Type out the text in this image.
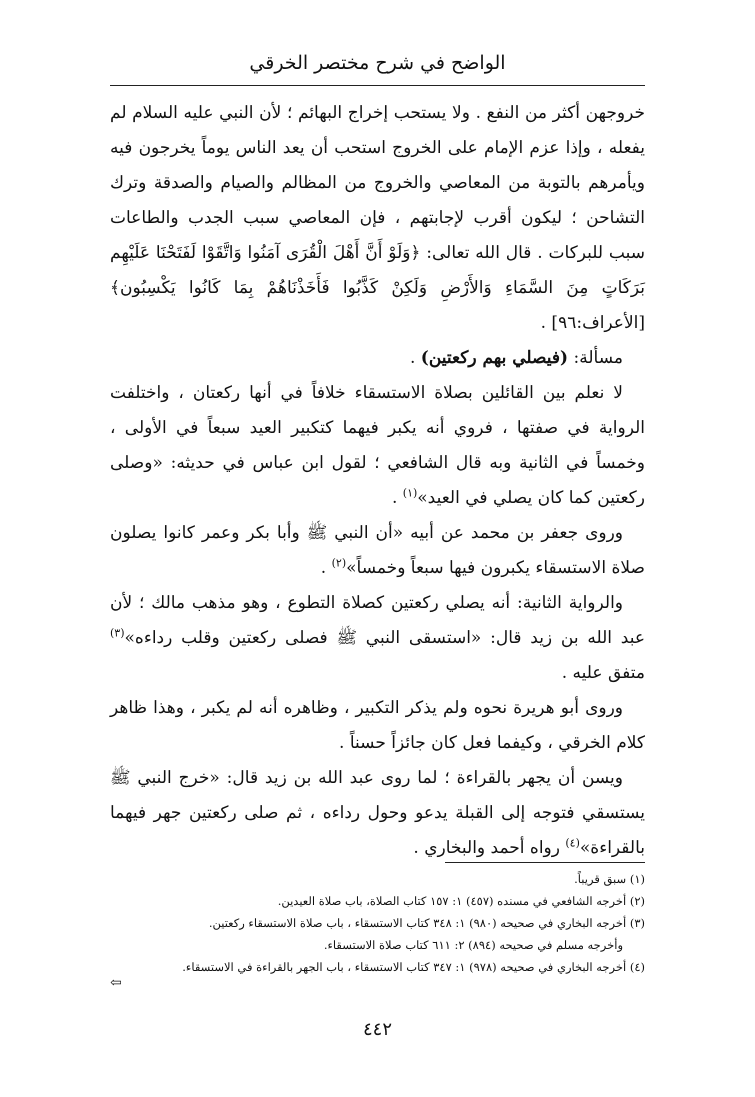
الواضح في شرح مختصر الخرقي

خروجهن أكثر من النفع . ولا يستحب إخراج البهائم ؛ لأن النبي عليه السلام لم يفعله ، وإذا عزم الإمام على الخروج استحب أن يعد الناس يوماً يخرجون فيه ويأمرهم بالتوبة من المعاصي والخروج من المظالم والصيام والصدقة وترك التشاحن ؛ ليكون أقرب لإجابتهم ، فإن المعاصي سبب الجدب والطاعات سبب للبركات . قال الله تعالى: ﴿وَلَوْ أَنَّ أَهْلَ الْقُرَى آمَنُوا وَاتَّقَوْا لَفَتَحْنَا عَلَيْهِم بَرَكَاتٍ مِنَ السَّمَاءِ وَالأَرْضِ وَلَكِنْ كَذَّبُوا فَأَخَذْنَاهُمْ بِمَا كَانُوا يَكْسِبُون﴾ [الأعراف:٩٦] .

مسألة: (فيصلي بهم ركعتين) .

لا نعلم بين القائلين بصلاة الاستسقاء خلافاً في أنها ركعتان ، واختلفت الرواية في صفتها ، فروي أنه يكبر فيهما كتكبير العيد سبعاً في الأولى ، وخمساً في الثانية وبه قال الشافعي ؛ لقول ابن عباس في حديثه: «وصلى ركعتين كما كان يصلي في العيد»$^{(١)}$ .

وروى جعفر بن محمد عن أبيه «أن النبي ﷺ وأبا بكر وعمر كانوا يصلون صلاة الاستسقاء يكبرون فيها سبعاً وخمساً»$^{(٢)}$ .

والرواية الثانية: أنه يصلي ركعتين كصلاة التطوع ، وهو مذهب مالك ؛ لأن عبد الله بن زيد قال: «استسقى النبي ﷺ فصلى ركعتين وقلب رداءه»$^{(٣)}$ متفق عليه .

وروى أبو هريرة نحوه ولم يذكر التكبير ، وظاهره أنه لم يكبر ، وهذا ظاهر كلام الخرقي ، وكيفما فعل كان جائزاً حسناً .

ويسن أن يجهر بالقراءة ؛ لما روى عبد الله بن زيد قال: «خرج النبي ﷺ يستسقي فتوجه إلى القبلة يدعو وحول رداءه ، ثم صلى ركعتين جهر فيهما بالقراءة»$^{(٤)}$ رواه أحمد والبخاري .

(١) سبق قريباً.

(٢) أخرجه الشافعي في مسنده (٤٥٧) ١: ١٥٧ كتاب الصلاة، باب صلاة العيدين.

(٣) أخرجه البخاري في صحيحه (٩٨٠) ١: ٣٤٨ كتاب الاستسقاء ، باب صلاة الاستسقاء ركعتين.

وأخرجه مسلم في صحيحه (٨٩٤) ٢: ٦١١ كتاب صلاة الاستسقاء.

(٤) أخرجه البخاري في صحيحه (٩٧٨) ١: ٣٤٧ كتاب الاستسقاء ، باب الجهر بالقراءة في الاستسقاء.

⇦
٤٤٢
